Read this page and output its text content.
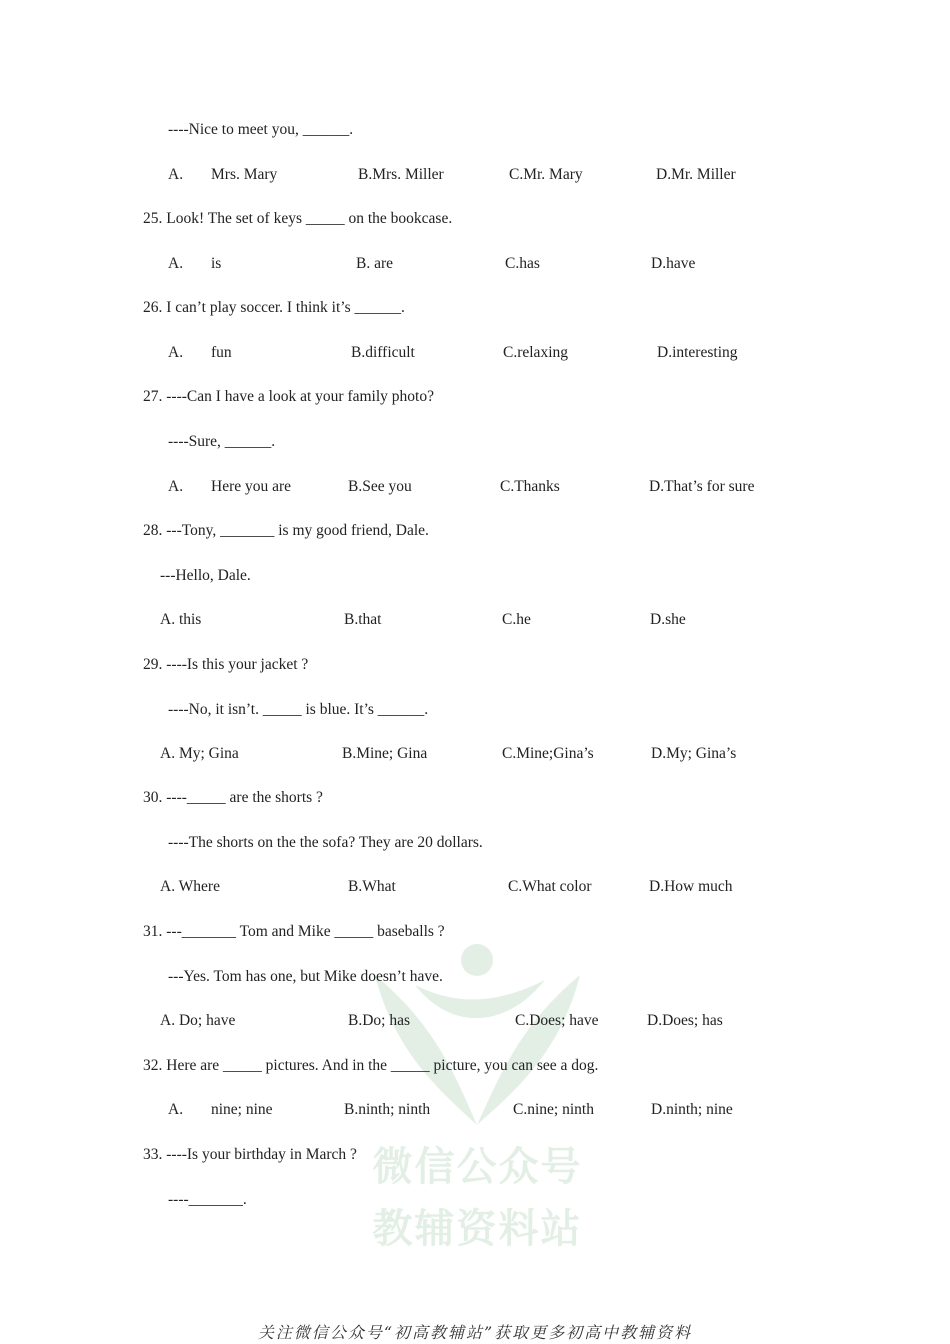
微信公众号
教辅资料站
----Nice to meet you, ______.
A. Mrs. Mary	B.Mrs. Miller	C.Mr. Mary	D.Mr. Miller
25. Look! The set of keys _____ on the bookcase.
A. is	B. are	C.has	D.have
26. I can’t play soccer. I think it’s ______.
A. fun	B.difficult	C.relaxing	D.interesting
27. ----Can I have a look at your family photo?
----Sure, ______.
A. Here you are	B.See you	C.Thanks	D.That’s for sure
28. ---Tony, _______ is my good friend, Dale.
---Hello, Dale.
A. this	B.that	C.he	D.she
29. ----Is this your jacket ?
----No, it isn’t. _____ is blue. It’s ______.
A. My; Gina	B.Mine; Gina	C.Mine;Gina’s	D.My; Gina’s
30. ----_____ are the shorts ?
----The shorts on the the sofa? They are 20 dollars.
A. Where	B.What	C.What color	D.How much
31. ---_______ Tom and Mike _____ baseballs ?
---Yes. Tom has one, but Mike doesn’t have.
A. Do; have	B.Do; has	C.Does; have	D.Does; has
32. Here are _____ pictures. And in the _____ picture, you can see a dog.
A. nine; nine	B.ninth; ninth	C.nine; ninth	D.ninth; nine
33. ----Is your birthday in March ?
----_______.
关注微信公众号“初高教辅站”获取更多初高中教辅资料
